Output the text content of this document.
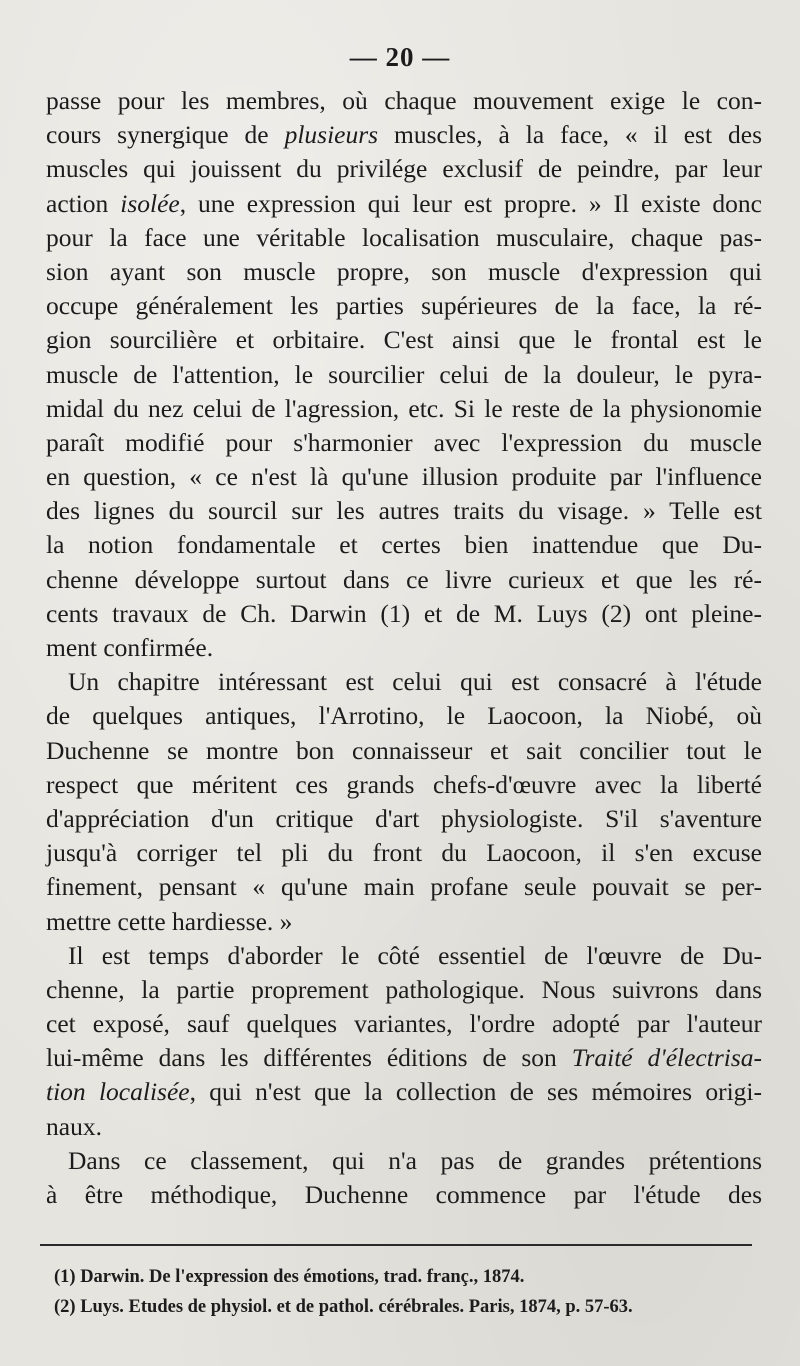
— 20 —
passe pour les membres, où chaque mouvement exige le con-
cours synergique de plusieurs muscles, à la face, « il est des
muscles qui jouissent du privilége exclusif de peindre, par leur
action isolée, une expression qui leur est propre. » Il existe donc
pour la face une véritable localisation musculaire, chaque pas-
sion ayant son muscle propre, son muscle d'expression qui
occupe généralement les parties supérieures de la face, la ré-
gion sourcilière et orbitaire. C'est ainsi que le frontal est le
muscle de l'attention, le sourcilier celui de la douleur, le pyra-
midal du nez celui de l'agression, etc. Si le reste de la physionomie
paraît modifié pour s'harmonier avec l'expression du muscle
en question, « ce n'est là qu'une illusion produite par l'influence
des lignes du sourcil sur les autres traits du visage. » Telle est
la notion fondamentale et certes bien inattendue que Du-
chenne développe surtout dans ce livre curieux et que les ré-
cents travaux de Ch. Darwin (1) et de M. Luys (2) ont pleine-
ment confirmée.
Un chapitre intéressant est celui qui est consacré à l'étude
de quelques antiques, l'Arrotino, le Laocoon, la Niobé, où
Duchenne se montre bon connaisseur et sait concilier tout le
respect que méritent ces grands chefs-d'œuvre avec la liberté
d'appréciation d'un critique d'art physiologiste. S'il s'aventure
jusqu'à corriger tel pli du front du Laocoon, il s'en excuse
finement, pensant « qu'une main profane seule pouvait se per-
mettre cette hardiesse. »
Il est temps d'aborder le côté essentiel de l'œuvre de Du-
chenne, la partie proprement pathologique. Nous suivrons dans
cet exposé, sauf quelques variantes, l'ordre adopté par l'auteur
lui-même dans les différentes éditions de son Traité d'électrisa-
tion localisée, qui n'est que la collection de ses mémoires origi-
naux.
Dans ce classement, qui n'a pas de grandes prétentions
à être méthodique, Duchenne commence par l'étude des
(1) Darwin. De l'expression des émotions, trad. franç., 1874.
(2) Luys. Etudes de physiol. et de pathol. cérébrales. Paris, 1874, p. 57-63.
